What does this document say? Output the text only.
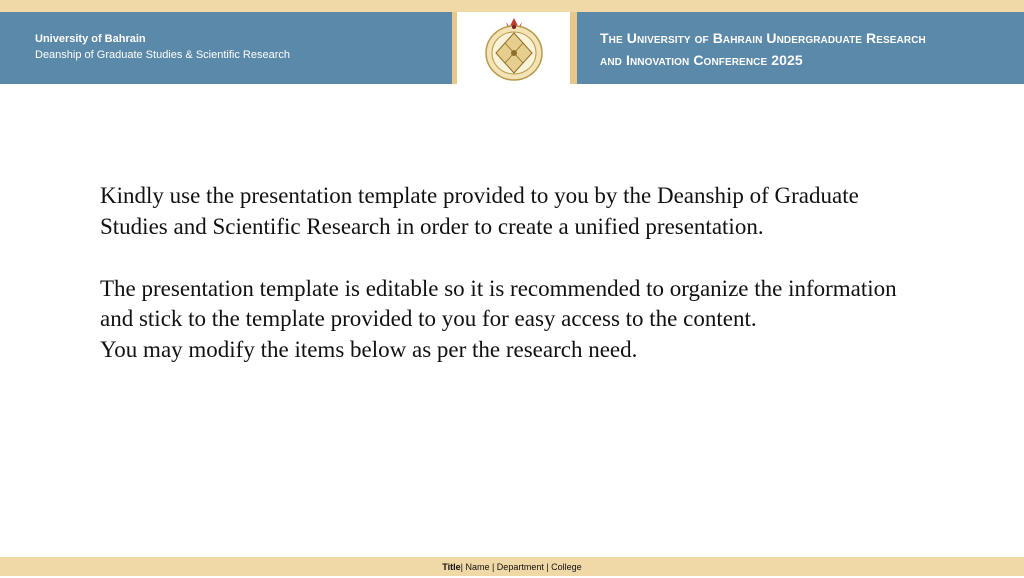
University of Bahrain
Deanship of Graduate Studies & Scientific Research
The University of Bahrain Undergraduate Research
and Innovation Conference 2025

Kindly use the presentation template provided to you by the Deanship of Graduate Studies and Scientific Research in order to create a unified presentation.

The presentation template is editable so it is recommended to organize the information and stick to the template provided to you for easy access to the content.

You may modify the items below as per the research need.

Title| Name | Department | College
